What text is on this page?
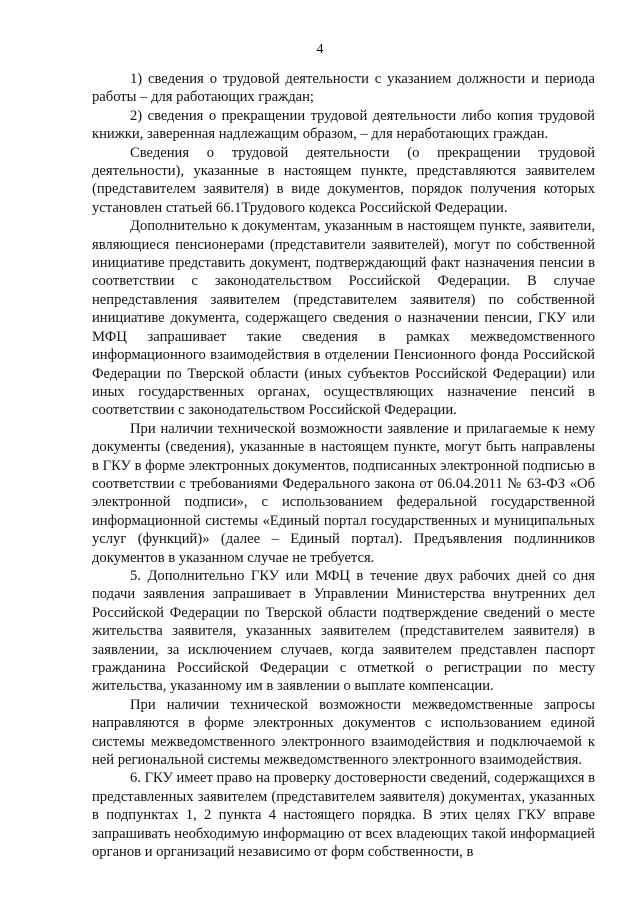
4

1) сведения о трудовой деятельности с указанием должности и периода работы – для работающих граждан;

2) сведения о прекращении трудовой деятельности либо копия трудовой книжки, заверенная надлежащим образом, – для неработающих граждан.

Сведения о трудовой деятельности (о прекращении трудовой деятельности), указанные в настоящем пункте, представляются заявителем (представителем заявителя) в виде документов, порядок получения которых установлен статьей 66.1Трудового кодекса Российской Федерации.

Дополнительно к документам, указанным в настоящем пункте, заявители, являющиеся пенсионерами (представители заявителей), могут по собственной инициативе представить документ, подтверждающий факт назначения пенсии в соответствии с законодательством Российской Федерации. В случае непредставления заявителем (представителем заявителя) по собственной инициативе документа, содержащего сведения о назначении пенсии, ГКУ или МФЦ запрашивает такие сведения в рамках межведомственного информационного взаимодействия в отделении Пенсионного фонда Российской Федерации по Тверской области (иных субъектов Российской Федерации) или иных государственных органах, осуществляющих назначение пенсий в соответствии с законодательством Российской Федерации.

При наличии технической возможности заявление и прилагаемые к нему документы (сведения), указанные в настоящем пункте, могут быть направлены в ГКУ в форме электронных документов, подписанных электронной подписью в соответствии с требованиями Федерального закона от 06.04.2011 № 63-ФЗ «Об электронной подписи», с использованием федеральной государственной информационной системы «Единый портал государственных и муниципальных услуг (функций)» (далее – Единый портал). Предъявления подлинников документов в указанном случае не требуется.

5. Дополнительно ГКУ или МФЦ в течение двух рабочих дней со дня подачи заявления запрашивает в Управлении Министерства внутренних дел Российской Федерации по Тверской области подтверждение сведений о месте жительства заявителя, указанных заявителем (представителем заявителя) в заявлении, за исключением случаев, когда заявителем представлен паспорт гражданина Российской Федерации с отметкой о регистрации по месту жительства, указанному им в заявлении о выплате компенсации.

При наличии технической возможности межведомственные запросы направляются в форме электронных документов с использованием единой системы межведомственного электронного взаимодействия и подключаемой к ней региональной системы межведомственного электронного взаимодействия.

6. ГКУ имеет право на проверку достоверности сведений, содержащихся в представленных заявителем (представителем заявителя) документах, указанных в подпунктах 1, 2 пункта 4 настоящего порядка. В этих целях ГКУ вправе запрашивать необходимую информацию от всех владеющих такой информацией органов и организаций независимо от форм собственности, в
